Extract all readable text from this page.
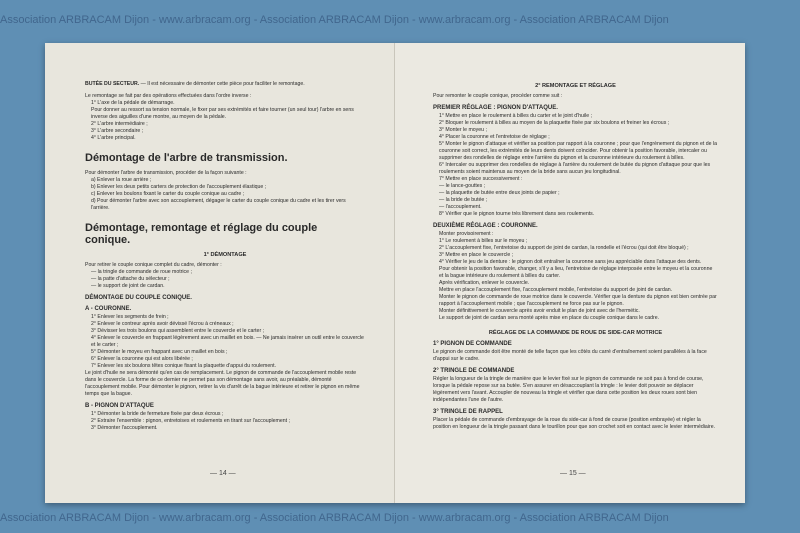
Association ARBRACAM Dijon - www.arbracam.org - Association ARBRACAM Dijon - www.arbracam.org - Association ARBRACAM Dijon
Association ARBRACAM Dijon - www.arbracam.org - Association ARBRACAM Dijon - www.arbracam.org - Association ARBRACAM Dijon

BUTÉE DU SECTEUR. — Il est nécessaire de démonter cette pièce pour faciliter le remontage.

Le remontage se fait par des opérations effectuées dans l'ordre inverse :

1° L'axe de la pédale de démarrage.

Pour donner au ressort sa tension normale, le fixer par ses extrémités et faire tourner (un seul tour) l'arbre en sens inverse des aiguilles d'une montre, au moyen de la pédale.

2° L'arbre intermédiaire ;

3° L'arbre secondaire ;

4° L'arbre principal.

Démontage de l'arbre de transmission.

Pour démonter l'arbre de transmission, procéder de la façon suivante :

a) Enlever la roue arrière ;

b) Enlever les deux petits carters de protection de l'accouplement élastique ;

c) Enlever les boulons fixant le carter du couple conique au cadre ;

d) Pour démonter l'arbre avec son accouplement, dégager le carter du couple conique du cadre et les tirer vers l'arrière.

Démontage, remontage et réglage du couple conique.
1° DÉMONTAGE

Pour retirer le couple conique complet du cadre, démonter :

— la tringle de commande de roue motrice ;

— la patte d'attache du sélecteur ;

— le support de joint de cardan.

DÉMONTAGE DU COUPLE CONIQUE.
A - COURONNE.

1° Enlever les segments de frein ;

2° Enlever le contreur après avoir dévissé l'écrou à créneaux ;

3° Dévisser les trois boulons qui assemblent entre le couvercle et le carter ;

4° Enlever le couvercle en frappant légèrement avec un maillet en bois. — Ne jamais insérer un outil entre le couvercle et le carter ;

5° Démonter le moyeu en frappant avec un maillet en bois ;

6° Enlever la couronne qui est alors libérée ;

7° Enlever les six boulons têtes conique fixant la plaquette d'appui du roulement.

Le joint d'huile ne sera démonté qu'en cas de remplacement. Le pignon de commande de l'accouplement mobile reste dans le couvercle. La forme de ce dernier ne permet pas son démontage sans avoir, au préalable, démonté l'accouplement mobile. Pour démonter le pignon, retirer la vis d'arrêt de la bague intérieure et retirer le pignon en même temps que la bague.

B - PIGNON D'ATTAQUE

1° Démonter la bride de fermeture fixée par deux écrous ;

2° Extraire l'ensemble : pignon, entretoises et roulements en tirant sur l'accouplement ;

3° Démonter l'accouplement.

— 14 —
2° REMONTAGE ET RÉGLAGE

Pour remonter le couple conique, procéder comme suit :

PREMIER RÉGLAGE : PIGNON D'ATTAQUE.

1° Mettre en place le roulement à billes du carter et le joint d'huile ;

2° Bloquer le roulement à billes au moyen de la plaquette fixée par six boulons et freiner les écrous ;

3° Monter le moyeu ;

4° Placer la couronne et l'entretoise de réglage ;

5° Monter le pignon d'attaque et vérifier sa position par rapport à la couronne ; pour que l'engrènement du pignon et de la couronne soit correct, les extrémités de leurs dents doivent coïncider. Pour obtenir la position favorable, intercaler ou supprimer des rondelles de réglage entre l'arrière du pignon et la couronne intérieure du roulement à billes.

6° Intercaler ou supprimer des rondelles de réglage à l'arrière du roulement de butée du pignon d'attaque pour que les roulements soient maintenus au moyen de la bride sans aucun jeu longitudinal.

7° Mettre en place successivement :

— le lance-gouttes ;

— la plaquette de butée entre deux joints de papier ;

— la bride de butée ;

— l'accouplement.

8° Vérifier que le pignon tourne très librement dans ses roulements.

DEUXIÈME RÉGLAGE : COURONNE.

Monter provisoirement :

1° Le roulement à billes sur le moyeu ;

2° L'accouplement fixe, l'entretoise du support de joint de cardan, la rondelle et l'écrou (qui doit être bloqué) ;

3° Mettre en place le couvercle ;

4° Vérifier le jeu de la denture : le pignon doit entraîner la couronne sans jeu appréciable dans l'attaque des dents.

Pour obtenir la position favorable, changer, s'il y a lieu, l'entretoise de réglage interposée entre le moyeu et la couronne et la bague intérieure du roulement à billes du carter.

Après vérification, enlever le couvercle.

Mettre en place l'accouplement fixe, l'accouplement mobile, l'entretoise du support de joint de cardan.

Monter le pignon de commande de roue motrice dans le couvercle. Vérifier que la denture du pignon est bien centrée par rapport à l'accouplement mobile ; que l'accouplement ne force pas sur le pignon.

Monter définitivement le couvercle après avoir enduit le plan de joint avec de l'hermétic.

Le support de joint de cardan sera monté après mise en place du couple conique dans le cadre.

RÉGLAGE DE LA COMMANDE DE ROUE DE SIDE-CAR MOTRICE
1° PIGNON DE COMMANDE

Le pignon de commande doit être monté de telle façon que les côtés du carré d'entraînement soient parallèles à la face d'appui sur le cadre.

2° TRINGLE DE COMMANDE

Régler la longueur de la tringle de manière que le levier fixé sur le pignon de commande ne soit pas à fond de course, lorsque la pédale repose sur sa butée. S'en assurer en désaccouplant la tringle : le levier doit pouvoir se déplacer légèrement vers l'avant. Accoupler de nouveau la tringle et vérifier que dans cette position les deux roues sont bien indépendantes l'une de l'autre.

3° TRINGLE DE RAPPEL

Placer la pédale de commande d'embrayage de la roue du side-car à fond de course (position embrayée) et régler la position en longueur de la tringle passant dans le tourillon pour que son crochet soit en contact avec le levier intermédiaire.

— 15 —
